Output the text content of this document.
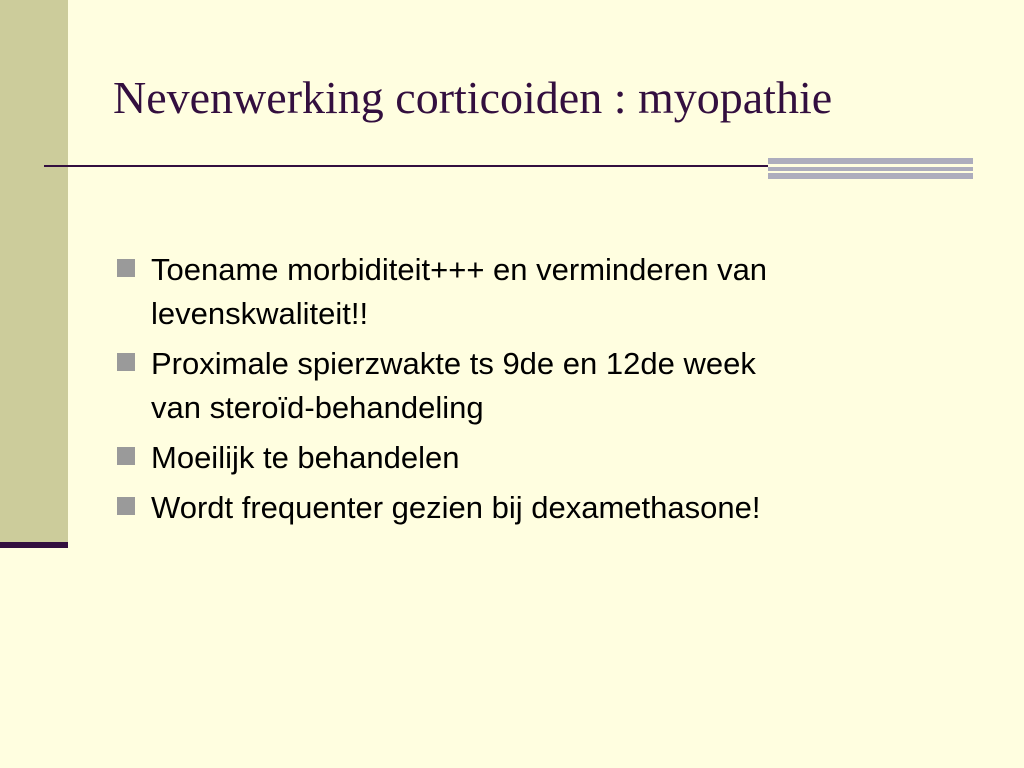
Nevenwerking corticoiden : myopathie
Toename morbiditeit+++ en verminderen van
levenskwaliteit!!
Proximale spierzwakte ts 9de en 12de week
van steroïd-behandeling
Moeilijk te behandelen
Wordt frequenter gezien bij dexamethasone!
